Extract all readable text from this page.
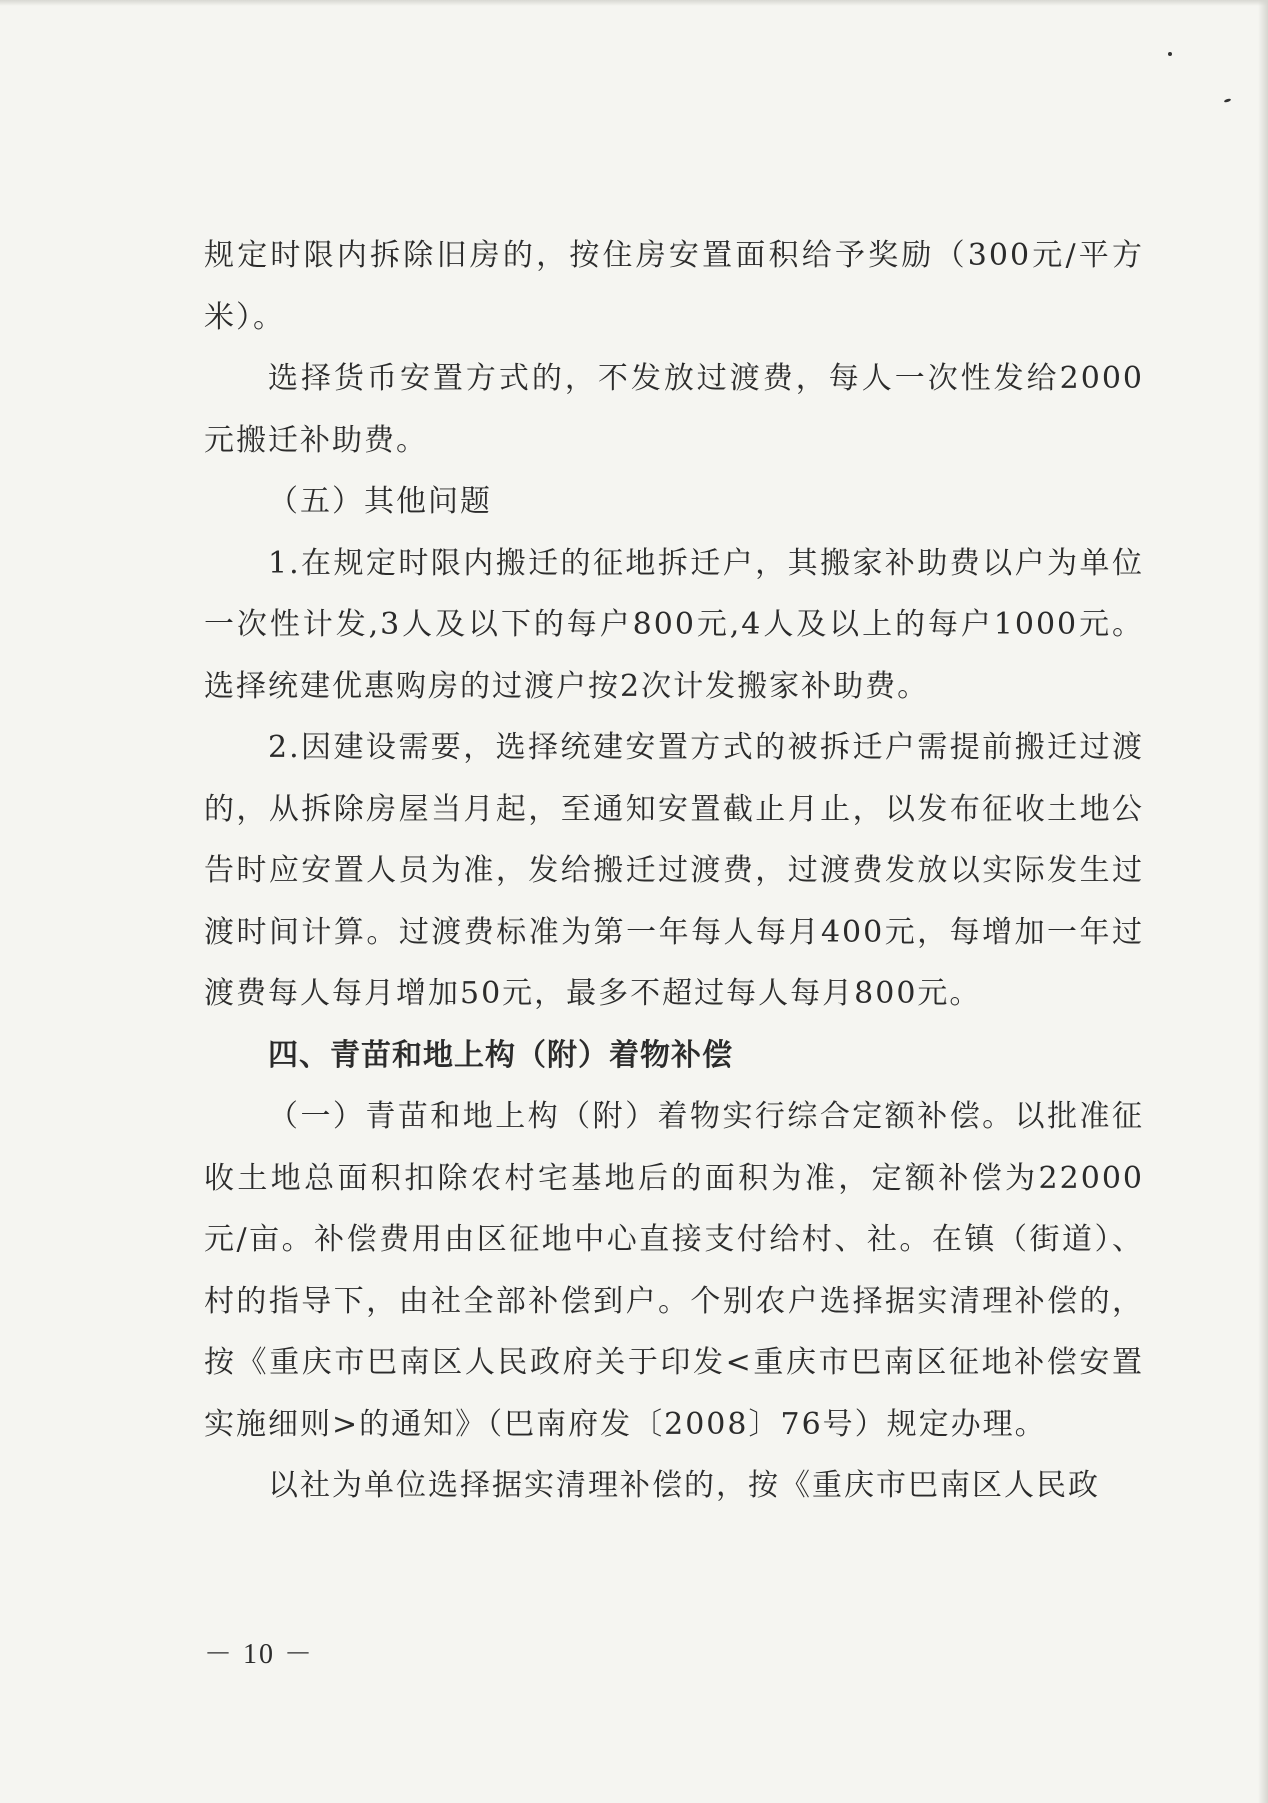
规定时限内拆除旧房的，按住房安置面积给予奖励（300元/平方米）。

选择货币安置方式的，不发放过渡费，每人一次性发给2000元搬迁补助费。

（五）其他问题

1.在规定时限内搬迁的征地拆迁户，其搬家补助费以户为单位一次性计发,3人及以下的每户800元,4人及以上的每户1000元。选择统建优惠购房的过渡户按2次计发搬家补助费。

2.因建设需要，选择统建安置方式的被拆迁户需提前搬迁过渡的，从拆除房屋当月起，至通知安置截止月止，以发布征收土地公告时应安置人员为准，发给搬迁过渡费，过渡费发放以实际发生过渡时间计算。过渡费标准为第一年每人每月400元，每增加一年过渡费每人每月增加50元，最多不超过每人每月800元。

四、青苗和地上构（附）着物补偿

（一）青苗和地上构（附）着物实行综合定额补偿。以批准征收土地总面积扣除农村宅基地后的面积为准，定额补偿为22000元/亩。补偿费用由区征地中心直接支付给村、社。在镇（街道）、村的指导下，由社全部补偿到户。个别农户选择据实清理补偿的，按《重庆市巴南区人民政府关于印发<重庆市巴南区征地补偿安置实施细则>的通知》（巴南府发〔2008〕76号）规定办理。

以社为单位选择据实清理补偿的，按《重庆市巴南区人民政

－ 10 －
